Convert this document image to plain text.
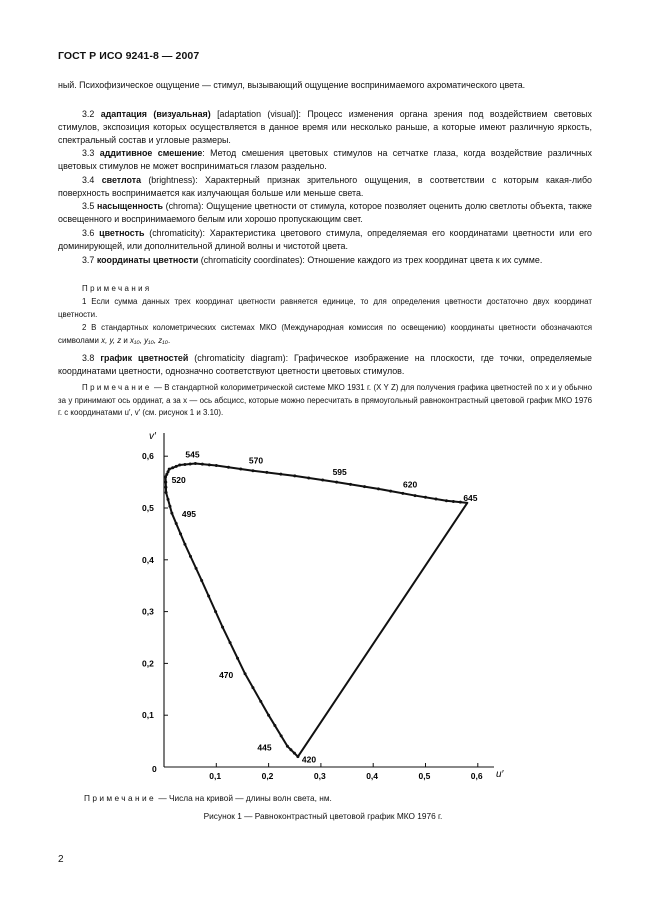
ГОСТ Р ИСО 9241-8 — 2007
ный. Психофизическое ощущение — стимул, вызывающий ощущение воспринимаемого ахроматического цвета.
3.2 адаптация (визуальная) [adaptation (visual)]: Процесс изменения органа зрения под воздействием световых стимулов, экспозиция которых осуществляется в данное время или несколько раньше, а которые имеют различную яркость, спектральный состав и угловые размеры.
3.3 аддитивное смешение: Метод смешения цветовых стимулов на сетчатке глаза, когда воздействие различных цветовых стимулов не может восприниматься глазом раздельно.
3.4 светлота (brightness): Характерный признак зрительного ощущения, в соответствии с которым какая-либо поверхность воспринимается как излучающая больше или меньше света.
3.5 насыщенность (chroma): Ощущение цветности от стимула, которое позволяет оценить долю светлоты объекта, также освещенного и воспринимаемого белым или хорошо пропускающим свет.
3.6 цветность (chromaticity): Характеристика цветового стимула, определяемая его координатами цветности или его доминирующей, или дополнительной длиной волны и чистотой цвета.
3.7 координаты цветности (chromaticity coordinates): Отношение каждого из трех координат цвета к их сумме.
Примечания
1 Если сумма данных трех координат цветности равняется единице, то для определения цветности достаточно двух координат цветности.
2 В стандартных колометрических системах МКО (Международная комиссия по освещению) координаты цветности обозначаются символами x, y, z и x₁₀, y₁₀, z₁₀.
3.8 график цветностей (chromaticity diagram): Графическое изображение на плоскости, где точки, определяемые координатами цветности, однозначно соответствуют цветности цветовых стимулов.
Примечание — В стандартной колориметрической системе МКО 1931 г. (X Y Z) для получения графика цветностей по x и y обычно за y принимают ось ординат, а за x — ось абсцисс, которые можно пересчитать в прямоугольный равноконтрастный цветовой график МКО 1976 г. с координатами u′, v′ (см. рисунок 1 и 3.10).
0,1	0,2	0,3	0,4	0,5	0,6
0,1
0,2
0,3
0,4
0,5
0,6
v′
u′
0
420
445
470
495
520
545
570
595
620
645
Примечание — Числа на кривой — длины волн света, нм.
Рисунок 1 — Равноконтрастный цветовой график МКО 1976 г.
2
